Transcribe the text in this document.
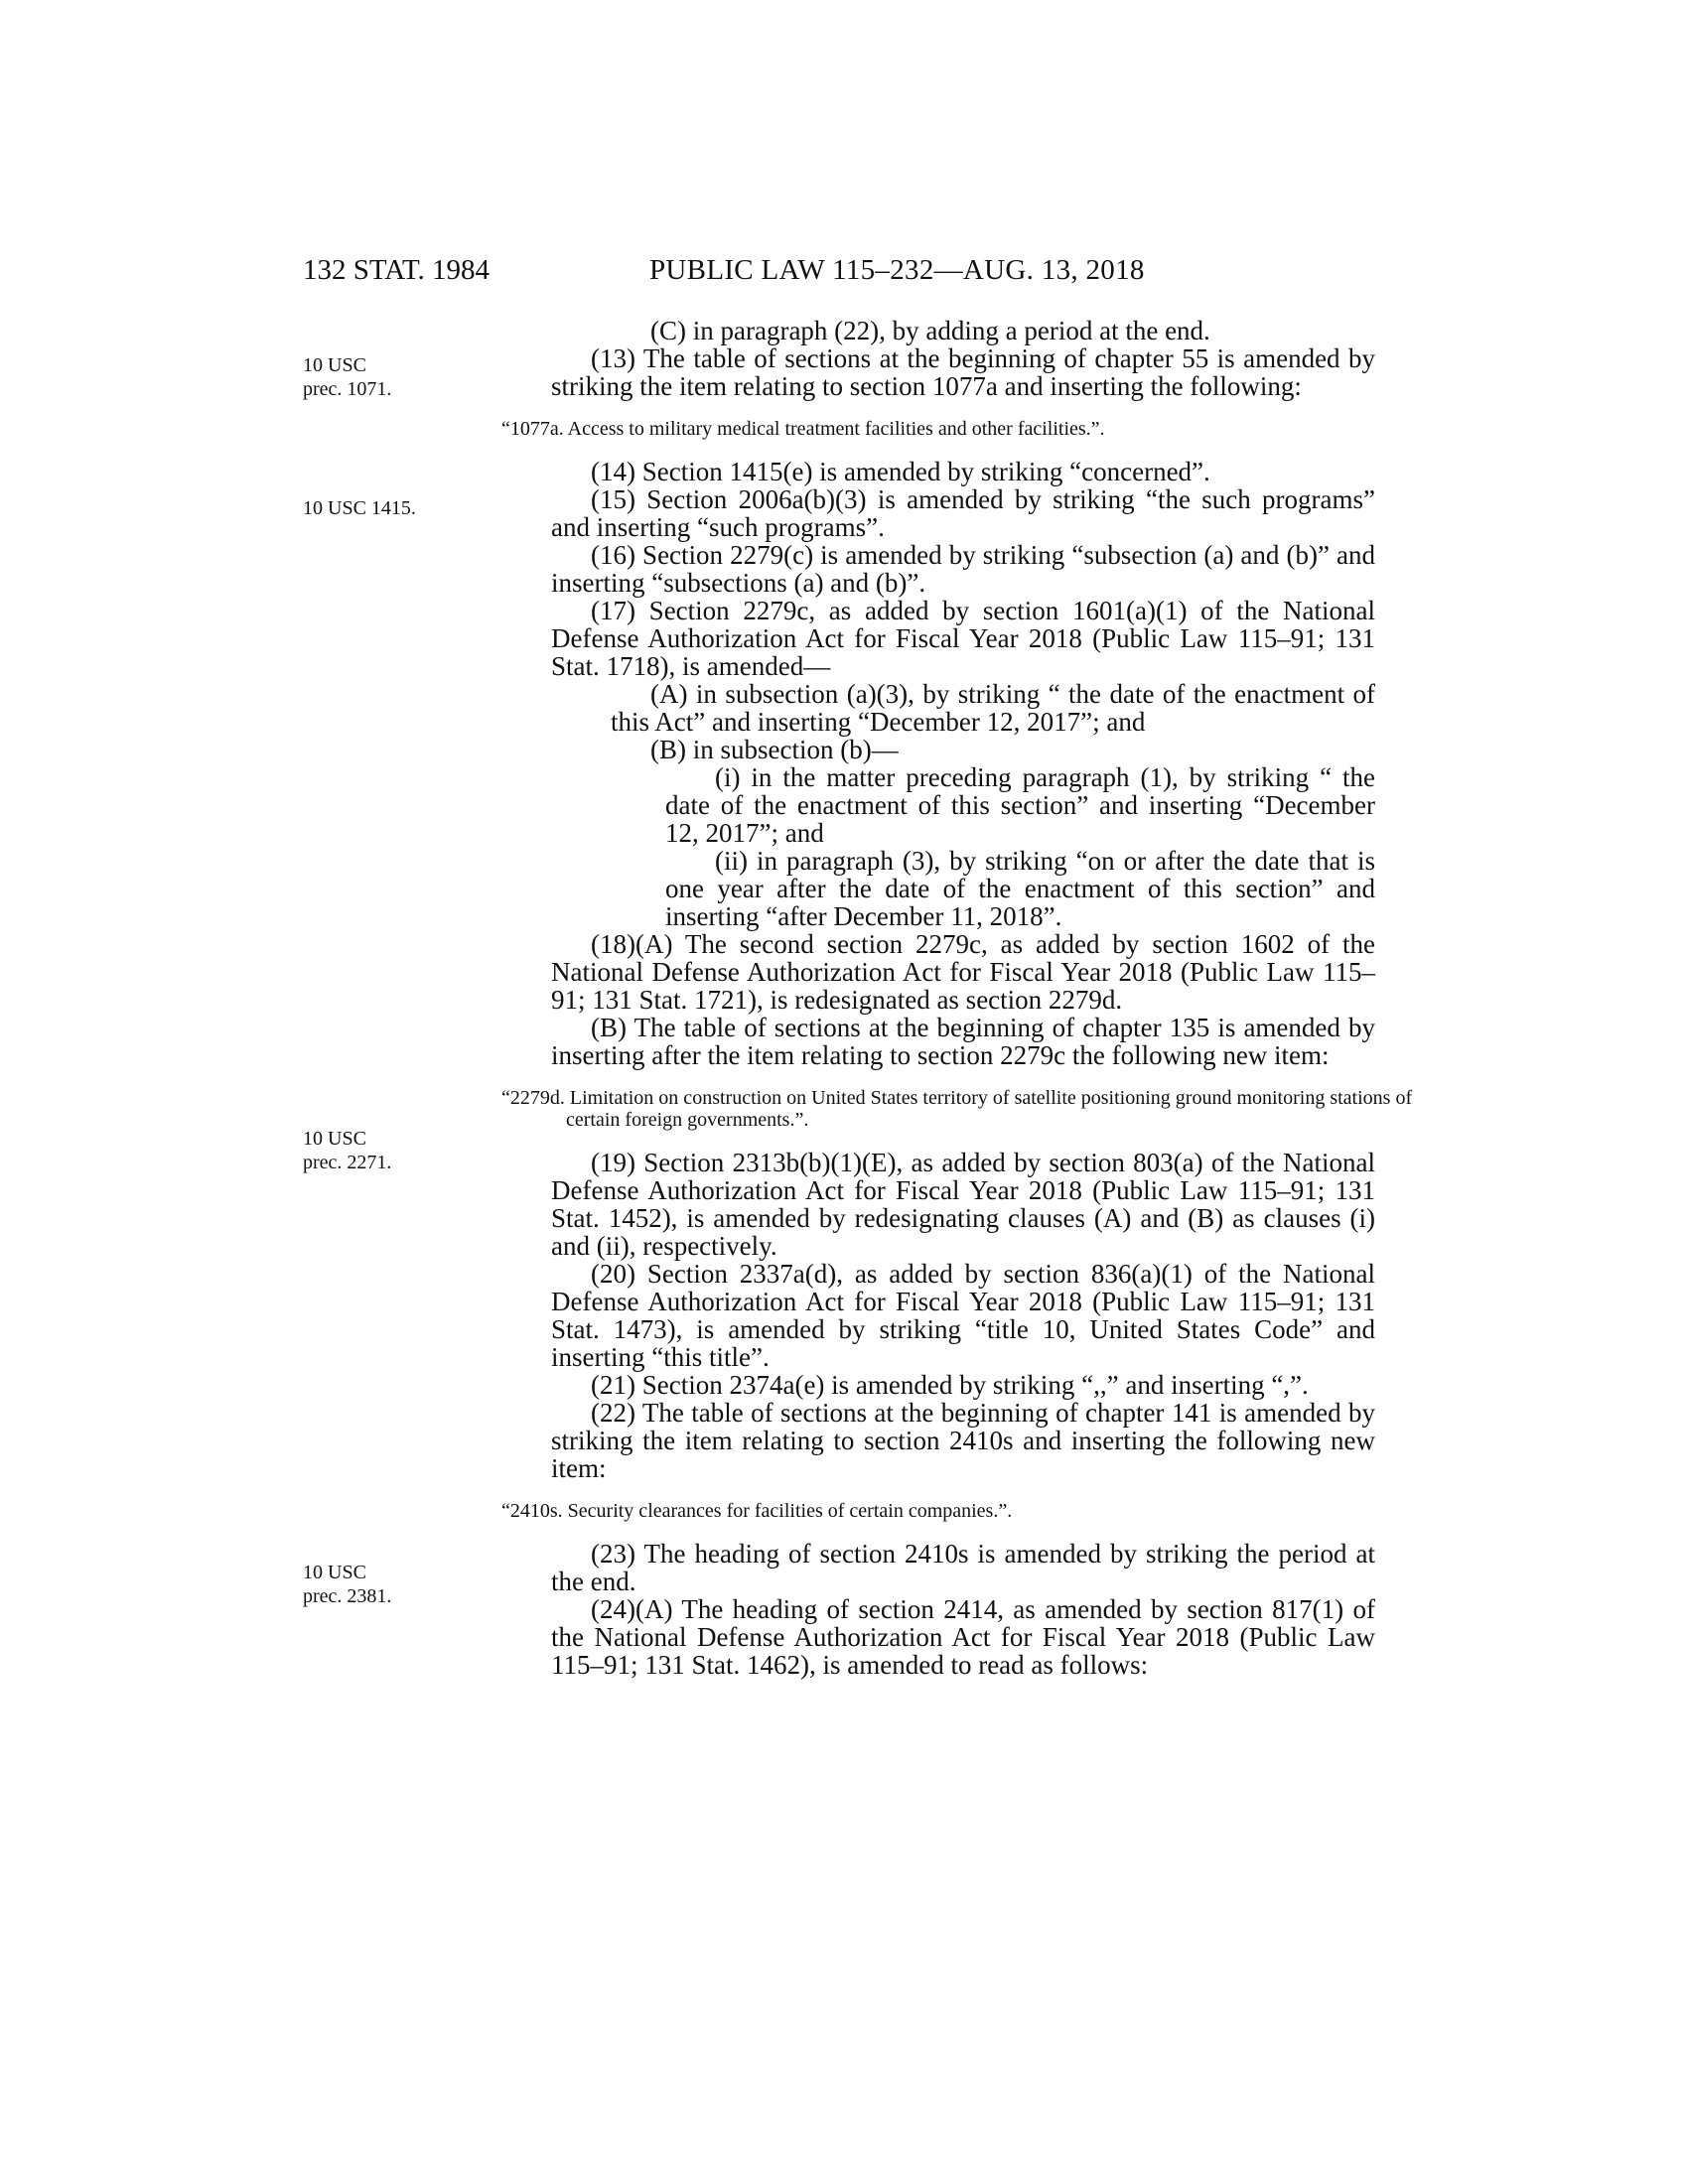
132 STAT. 1984	PUBLIC LAW 115–232—AUG. 13, 2018
10 USC prec. 1071.
10 USC 1415.
10 USC prec. 2271.
10 USC prec. 2381.

(C) in paragraph (22), by adding a period at the end.

(13) The table of sections at the beginning of chapter 55 is amended by striking the item relating to section 1077a and inserting the following:

“1077a. Access to military medical treatment facilities and other facilities.”.

(14) Section 1415(e) is amended by striking “concerned”.

(15) Section 2006a(b)(3) is amended by striking “the such programs” and inserting “such programs”.

(16) Section 2279(c) is amended by striking “subsection (a) and (b)” and inserting “subsections (a) and (b)”.

(17) Section 2279c, as added by section 1601(a)(1) of the National Defense Authorization Act for Fiscal Year 2018 (Public Law 115–91; 131 Stat. 1718), is amended—

(A) in subsection (a)(3), by striking “ the date of the enactment of this Act” and inserting “December 12, 2017”; and

(B) in subsection (b)—

(i) in the matter preceding paragraph (1), by striking “ the date of the enactment of this section” and inserting “December 12, 2017”; and

(ii) in paragraph (3), by striking “on or after the date that is one year after the date of the enactment of this section” and inserting “after December 11, 2018”.

(18)(A) The second section 2279c, as added by section 1602 of the National Defense Authorization Act for Fiscal Year 2018 (Public Law 115–91; 131 Stat. 1721), is redesignated as section 2279d.

(B) The table of sections at the beginning of chapter 135 is amended by inserting after the item relating to section 2279c the following new item:

“2279d. Limitation on construction on United States territory of satellite positioning ground monitoring stations of certain foreign governments.”.

(19) Section 2313b(b)(1)(E), as added by section 803(a) of the National Defense Authorization Act for Fiscal Year 2018 (Public Law 115–91; 131 Stat. 1452), is amended by redesignating clauses (A) and (B) as clauses (i) and (ii), respectively.

(20) Section 2337a(d), as added by section 836(a)(1) of the National Defense Authorization Act for Fiscal Year 2018 (Public Law 115–91; 131 Stat. 1473), is amended by striking “title 10, United States Code” and inserting “this title”.

(21) Section 2374a(e) is amended by striking “,,” and inserting “,”.

(22) The table of sections at the beginning of chapter 141 is amended by striking the item relating to section 2410s and inserting the following new item:

“2410s. Security clearances for facilities of certain companies.”.

(23) The heading of section 2410s is amended by striking the period at the end.

(24)(A) The heading of section 2414, as amended by section 817(1) of the National Defense Authorization Act for Fiscal Year 2018 (Public Law 115–91; 131 Stat. 1462), is amended to read as follows:
